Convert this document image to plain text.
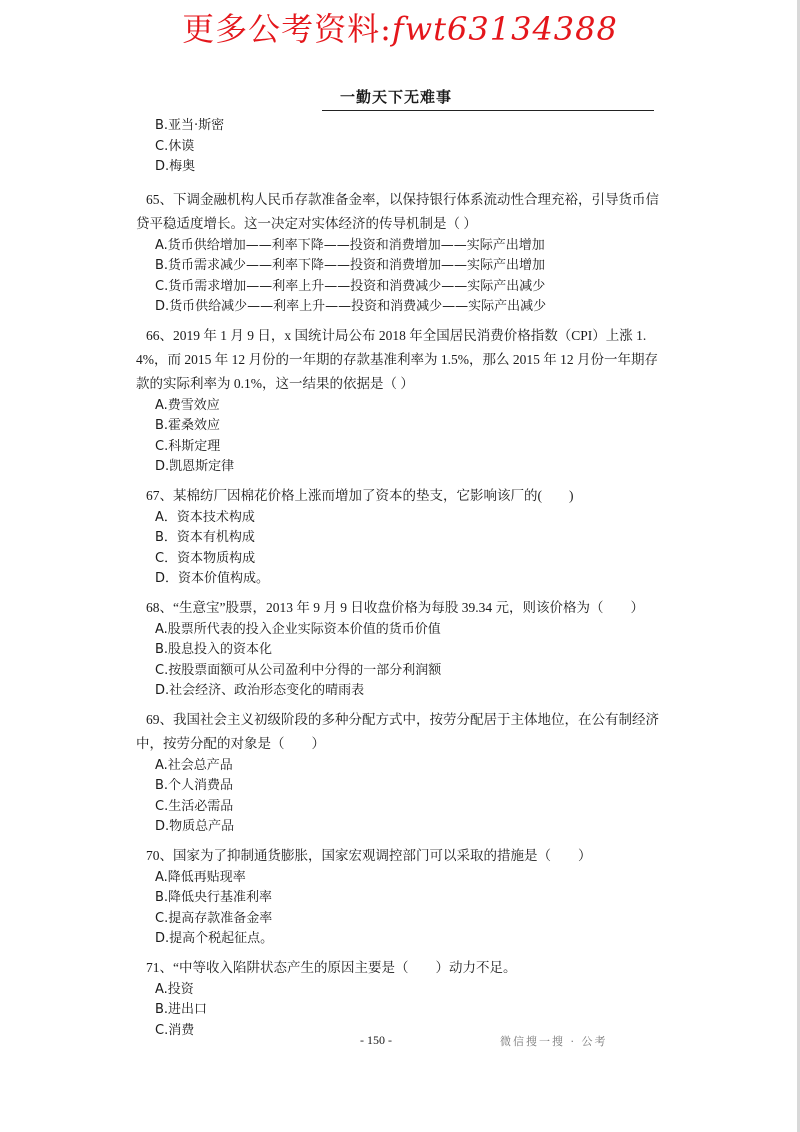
更多公考资料:fwt63134388
一勤天下无难事
B.亚当·斯密
C.休谟
D.梅奥
65、下调金融机构人民币存款准备金率，以保持银行体系流动性合理充裕，引导货币信贷平稳适度增长。这一决定对实体经济的传导机制是（ ）
A.货币供给增加——利率下降——投资和消费增加——实际产出增加
B.货币需求减少——利率下降——投资和消费增加——实际产出增加
C.货币需求增加——利率上升——投资和消费减少——实际产出减少
D.货币供给减少——利率上升——投资和消费减少——实际产出减少
66、2019 年 1 月 9 日，x 国统计局公布 2018 年全国居民消费价格指数（CPI）上涨 1.4%，而 2015 年 12 月份的一年期的存款基准利率为 1.5%，那么 2015 年 12 月份一年期存款的实际利率为 0.1%，这一结果的依据是（ ）
A.费雪效应
B.霍桑效应
C.科斯定理
D.凯恩斯定律
67、某棉纺厂因棉花价格上涨而增加了资本的垫支，它影响该厂的(　　)
A．资本技术构成
B．资本有机构成
C．资本物质构成
D．资本价值构成。
68、“生意宝”股票，2013 年 9 月 9 日收盘价格为每股 39.34 元，则该价格为（　　）
A.股票所代表的投入企业实际资本价值的货币价值
B.股息投入的资本化
C.按股票面额可从公司盈利中分得的一部分利润额
D.社会经济、政治形态变化的晴雨表
69、我国社会主义初级阶段的多种分配方式中，按劳分配居于主体地位，在公有制经济中，按劳分配的对象是（　　）
A.社会总产品
B.个人消费品
C.生活必需品
D.物质总产品
70、国家为了抑制通货膨胀，国家宏观调控部门可以采取的措施是（　　）
A.降低再贴现率
B.降低央行基准利率
C.提高存款准备金率
D.提高个税起征点。
71、“中等收入陷阱状态产生的原因主要是（　　）动力不足。
A.投资
B.进出口
C.消费
- 150 -	微信搜一搜 · 公考
